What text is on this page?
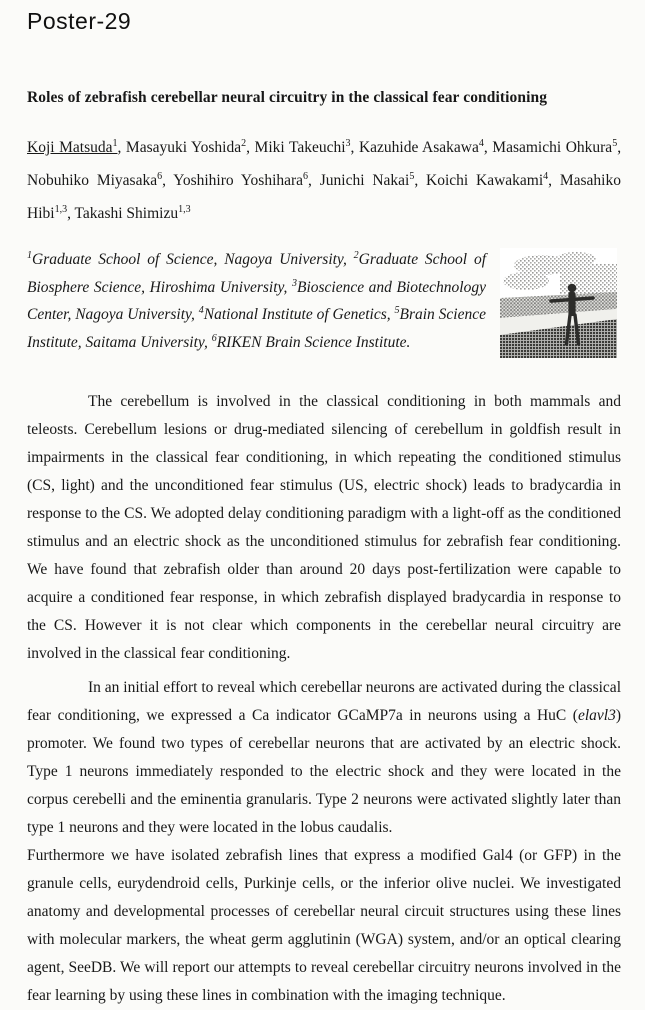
Poster-29
Roles of zebrafish cerebellar neural circuitry in the classical fear conditioning
Koji Matsuda$^1$, Masayuki Yoshida$^2$, Miki Takeuchi$^3$, Kazuhide Asakawa$^4$, Masamichi Ohkura$^5$, Nobuhiko Miyasaka$^6$, Yoshihiro Yoshihara$^6$, Junichi Nakai$^5$, Koichi Kawakami$^4$, Masahiko Hibi$^{1,3}$, Takashi Shimizu$^{1,3}$
$^1$Graduate School of Science, Nagoya University, $^2$Graduate School of Biosphere Science, Hiroshima University, $^3$Bioscience and Biotechnology Center, Nagoya University, $^4$National Institute of Genetics, $^5$Brain Science Institute, Saitama University, $^6$RIKEN Brain Science Institute.

The cerebellum is involved in the classical conditioning in both mammals and teleosts. Cerebellum lesions or drug-mediated silencing of cerebellum in goldfish result in impairments in the classical fear conditioning, in which repeating the conditioned stimulus (CS, light) and the unconditioned fear stimulus (US, electric shock) leads to bradycardia in response to the CS. We adopted delay conditioning paradigm with a light-off as the conditioned stimulus and an electric shock as the unconditioned stimulus for zebrafish fear conditioning. We have found that zebrafish older than around 20 days post-fertilization were capable to acquire a conditioned fear response, in which zebrafish displayed bradycardia in response to the CS. However it is not clear which components in the cerebellar neural circuitry are involved in the classical fear conditioning.

In an initial effort to reveal which cerebellar neurons are activated during the classical fear conditioning, we expressed a Ca indicator GCaMP7a in neurons using a HuC (elavl3) promoter. We found two types of cerebellar neurons that are activated by an electric shock. Type 1 neurons immediately responded to the electric shock and they were located in the corpus cerebelli and the eminentia granularis. Type 2 neurons were activated slightly later than type 1 neurons and they were located in the lobus caudalis.

Furthermore we have isolated zebrafish lines that express a modified Gal4 (or GFP) in the granule cells, eurydendroid cells, Purkinje cells, or the inferior olive nuclei. We investigated anatomy and developmental processes of cerebellar neural circuit structures using these lines with molecular markers, the wheat germ agglutinin (WGA) system, and/or an optical clearing agent, SeeDB. We will report our attempts to reveal cerebellar circuitry neurons involved in the fear learning by using these lines in combination with the imaging technique.
